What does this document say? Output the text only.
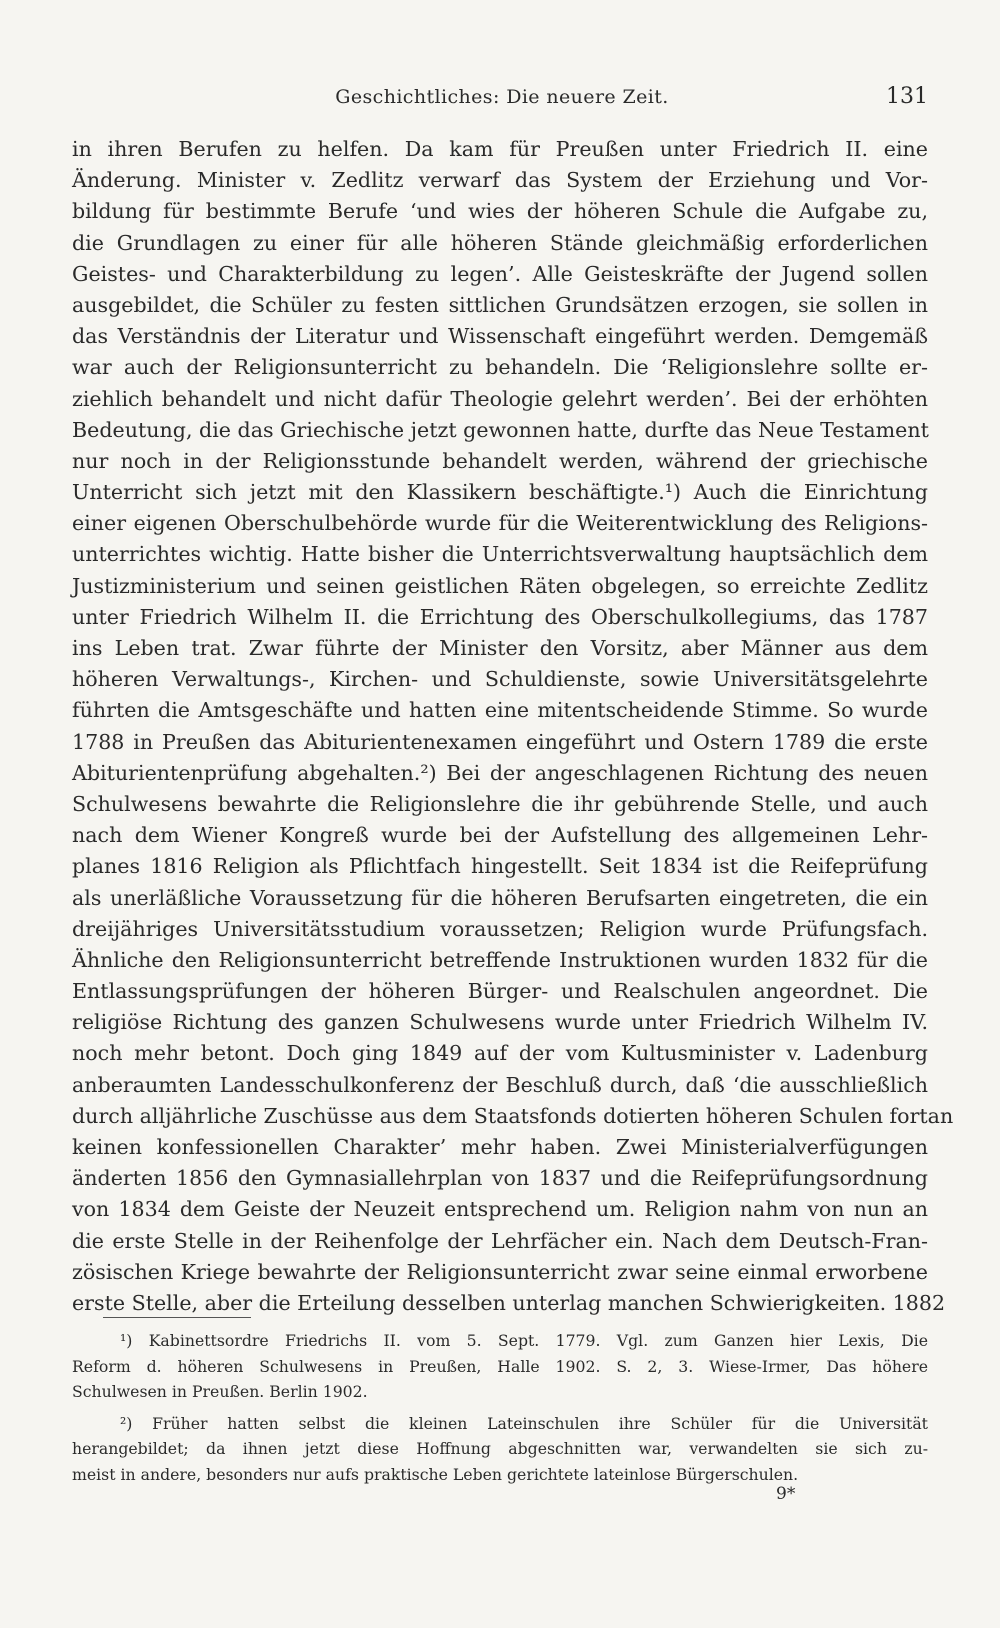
Geschichtliches: Die neuere Zeit.	131
in ihren Berufen zu helfen. Da kam für Preußen unter Friedrich II. eine
Änderung. Minister v. Zedlitz verwarf das System der Erziehung und Vor-
bildung für bestimmte Berufe ‘und wies der höheren Schule die Aufgabe zu,
die Grundlagen zu einer für alle höheren Stände gleichmäßig erforderlichen
Geistes- und Charakterbildung zu legen’. Alle Geisteskräfte der Jugend sollen
ausgebildet, die Schüler zu festen sittlichen Grundsätzen erzogen, sie sollen in
das Verständnis der Literatur und Wissenschaft eingeführt werden. Demgemäß
war auch der Religionsunterricht zu behandeln. Die ‘Religionslehre sollte er-
ziehlich behandelt und nicht dafür Theologie gelehrt werden’. Bei der erhöhten
Bedeutung, die das Griechische jetzt gewonnen hatte, durfte das Neue Testament
nur noch in der Religionsstunde behandelt werden, während der griechische
Unterricht sich jetzt mit den Klassikern beschäftigte.¹) Auch die Einrichtung
einer eigenen Oberschulbehörde wurde für die Weiterentwicklung des Religions-
unterrichtes wichtig. Hatte bisher die Unterrichtsverwaltung hauptsächlich dem
Justizministerium und seinen geistlichen Räten obgelegen, so erreichte Zedlitz
unter Friedrich Wilhelm II. die Errichtung des Oberschulkollegiums, das 1787
ins Leben trat. Zwar führte der Minister den Vorsitz, aber Männer aus dem
höheren Verwaltungs-, Kirchen- und Schuldienste, sowie Universitätsgelehrte
führten die Amtsgeschäfte und hatten eine mitentscheidende Stimme. So wurde
1788 in Preußen das Abiturientenexamen eingeführt und Ostern 1789 die erste
Abiturientenprüfung abgehalten.²) Bei der angeschlagenen Richtung des neuen
Schulwesens bewahrte die Religionslehre die ihr gebührende Stelle, und auch
nach dem Wiener Kongreß wurde bei der Aufstellung des allgemeinen Lehr-
planes 1816 Religion als Pflichtfach hingestellt. Seit 1834 ist die Reifeprüfung
als unerläßliche Voraussetzung für die höheren Berufsarten eingetreten, die ein
dreijähriges Universitätsstudium voraussetzen; Religion wurde Prüfungsfach.
Ähnliche den Religionsunterricht betreffende Instruktionen wurden 1832 für die
Entlassungsprüfungen der höheren Bürger- und Realschulen angeordnet. Die
religiöse Richtung des ganzen Schulwesens wurde unter Friedrich Wilhelm IV.
noch mehr betont. Doch ging 1849 auf der vom Kultusminister v. Ladenburg
anberaumten Landesschulkonferenz der Beschluß durch, daß ‘die ausschließlich
durch alljährliche Zuschüsse aus dem Staatsfonds dotierten höheren Schulen fortan
keinen konfessionellen Charakter’ mehr haben. Zwei Ministerialverfügungen
änderten 1856 den Gymnasiallehrplan von 1837 und die Reifeprüfungsordnung
von 1834 dem Geiste der Neuzeit entsprechend um. Religion nahm von nun an
die erste Stelle in der Reihenfolge der Lehrfächer ein. Nach dem Deutsch-Fran-
zösischen Kriege bewahrte der Religionsunterricht zwar seine einmal erworbene
erste Stelle, aber die Erteilung desselben unterlag manchen Schwierigkeiten. 1882
¹) Kabinettsordre Friedrichs II. vom 5. Sept. 1779. Vgl. zum Ganzen hier Lexis, Die
Reform d. höheren Schulwesens in Preußen, Halle 1902. S. 2, 3. Wiese-Irmer, Das höhere
Schulwesen in Preußen. Berlin 1902.
²) Früher hatten selbst die kleinen Lateinschulen ihre Schüler für die Universität
herangebildet; da ihnen jetzt diese Hoffnung abgeschnitten war, verwandelten sie sich zu-
meist in andere, besonders nur aufs praktische Leben gerichtete lateinlose Bürgerschulen.
9*
